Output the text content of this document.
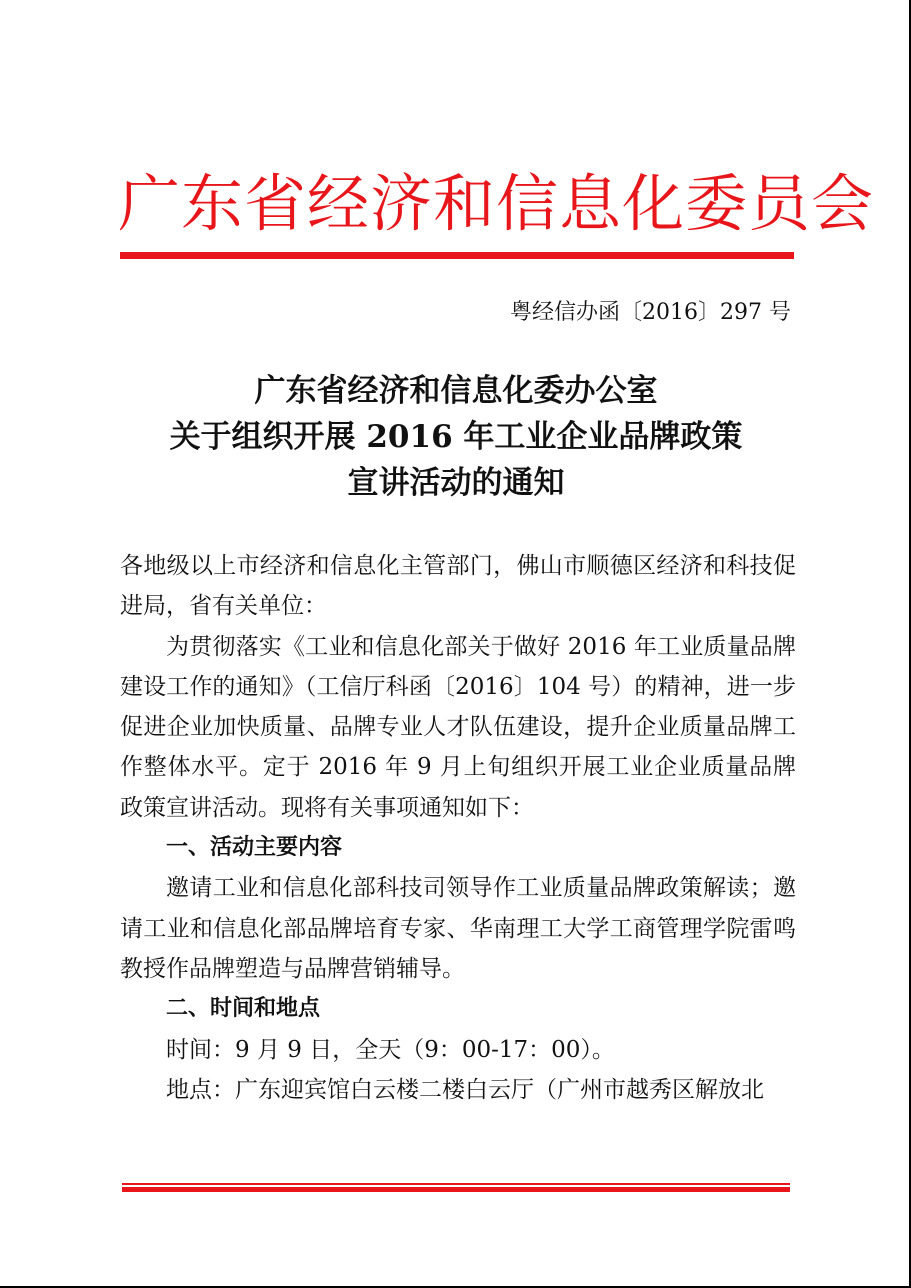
广东省经济和信息化委员会
粤经信办函〔2016〕297 号
广东省经济和信息化委办公室
关于组织开展 2016 年工业企业品牌政策
宣讲活动的通知

各地级以上市经济和信息化主管部门，佛山市顺德区经济和科技促进局，省有关单位：

为贯彻落实《工业和信息化部关于做好 2016 年工业质量品牌建设工作的通知》（工信厅科函〔2016〕104 号）的精神，进一步促进企业加快质量、品牌专业人才队伍建设，提升企业质量品牌工作整体水平。定于 2016 年 9 月上旬组织开展工业企业质量品牌政策宣讲活动。现将有关事项通知如下：

一、活动主要内容

邀请工业和信息化部科技司领导作工业质量品牌政策解读；邀请工业和信息化部品牌培育专家、华南理工大学工商管理学院雷鸣教授作品牌塑造与品牌营销辅导。

二、时间和地点

时间：9 月 9 日，全天（9：00-17：00）。

地点：广东迎宾馆白云楼二楼白云厅（广州市越秀区解放北
